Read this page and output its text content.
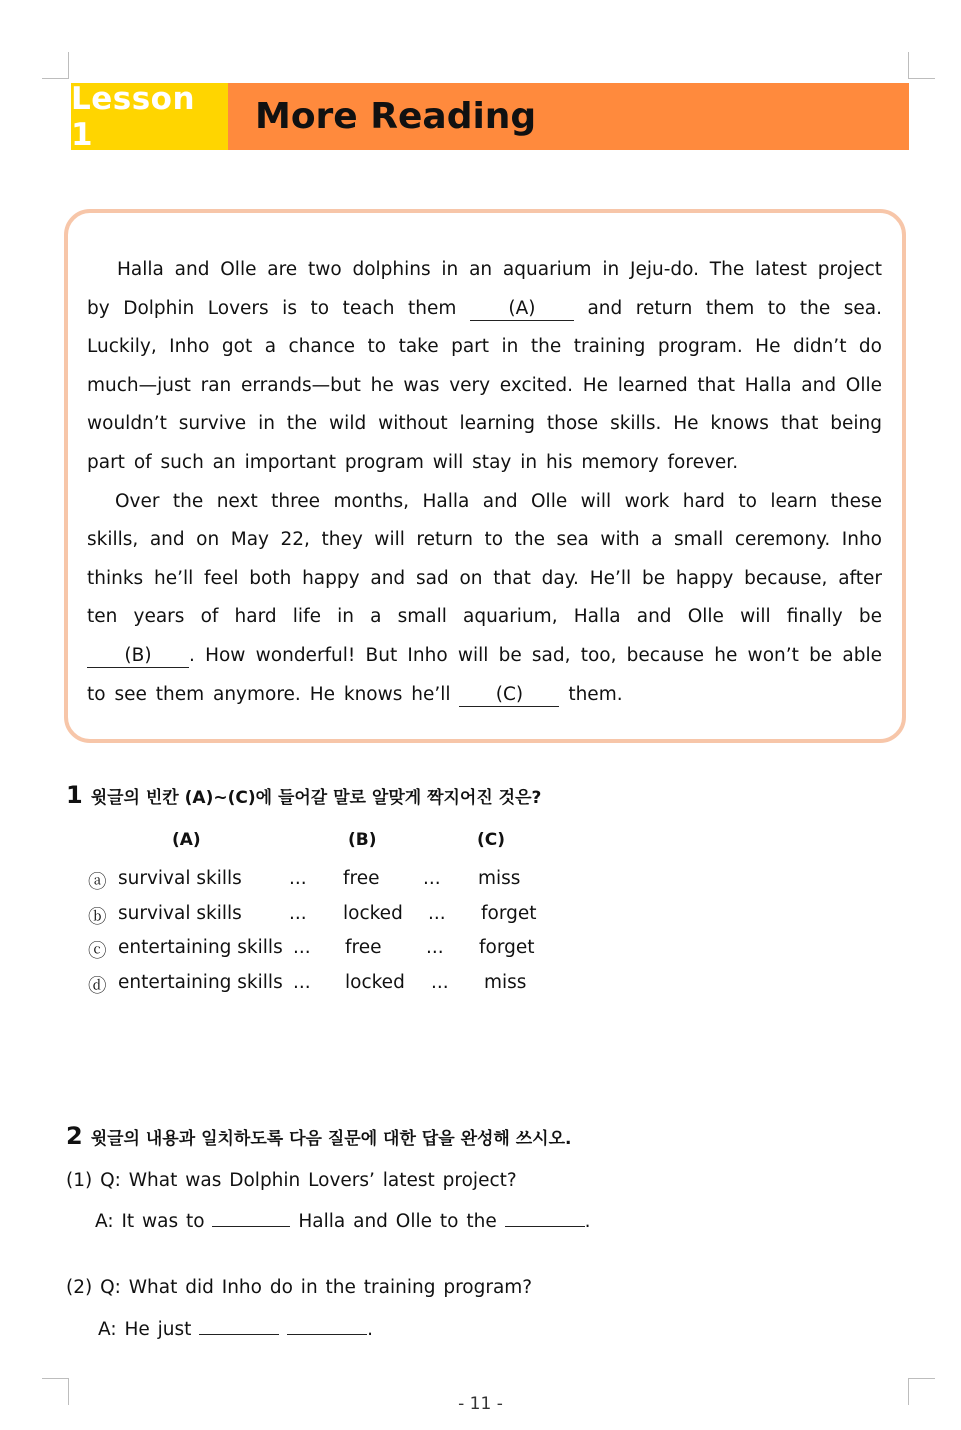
Lesson 1	More Reading

Halla and Olle are two dolphins in an aquarium in Jeju-do. The latest project by Dolphin Lovers is to teach them	(A)	and return them to the sea. Luckily, Inho got a chance to take part in the training program. He didn’t do much—just ran errands—but he was very excited. He learned that Halla and Olle wouldn’t survive in the wild without learning those skills. He knows that being part of such an important program will stay in his memory forever.

Over the next three months, Halla and Olle will work hard to learn these skills, and on May 22, they will return to the sea with a small ceremony. Inho thinks he’ll feel both happy and sad on that day. He’ll be happy because, after ten years of hard life in a small aquarium, Halla and Olle will finally be (B) . How wonderful! But Inho will be sad, too, because he won’t be able to see them anymore. He knows he’ll (C) them.

1 윗글의 빈칸 (A)~(C)에 들어갈 말로 알맞게 짝지어진 것은?
(A)	(B)	(C)
ⓐ survival skills	... free ... miss
ⓑ survival skills	... locked ... forget
ⓒ entertaining skills ... free ... forget
ⓓ entertaining skills ... locked ... miss
2 윗글의 내용과 일치하도록 다음 질문에 대한 답을 완성해 쓰시오.
(1) Q: What was Dolphin Lovers’ latest project?
A: It was to	Halla and Olle to the	.
(2) Q: What did Inho do in the training program?
A: He just	.
- 11 -
